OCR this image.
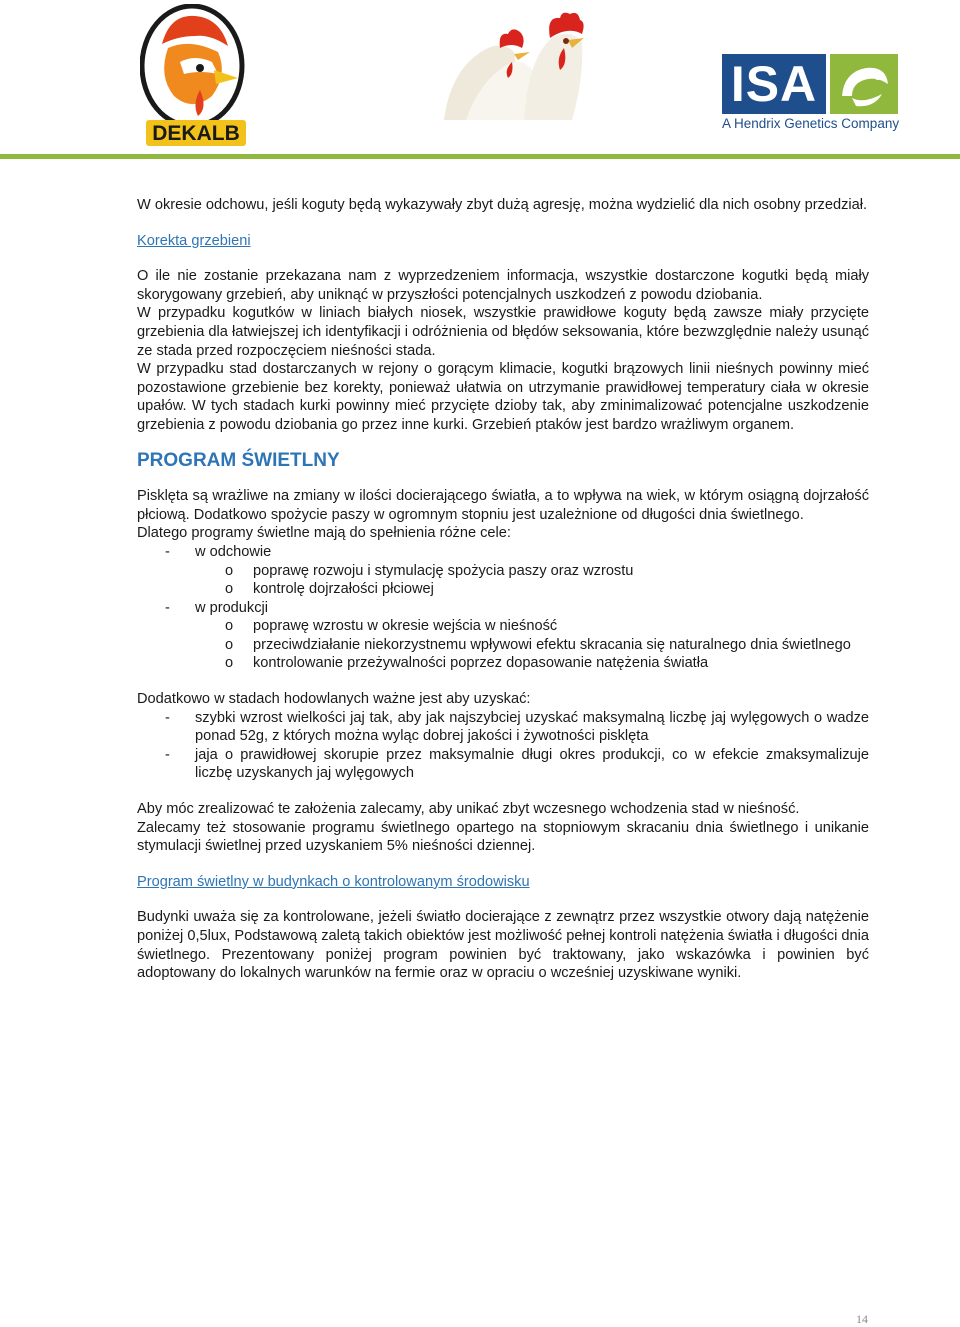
DEKALB
ISA
A Hendrix Genetics Company
W okresie odchowu, jeśli koguty będą wykazywały zbyt dużą agresję, można wydzielić dla nich osobny przedział.
Korekta grzebieni
O ile nie zostanie przekazana nam z wyprzedzeniem informacja, wszystkie dostarczone kogutki będą miały skorygowany grzebień, aby uniknąć w przyszłości potencjalnych uszkodzeń z powodu dziobania.
W przypadku kogutków w liniach białych niosek, wszystkie prawidłowe koguty będą zawsze miały przycięte grzebienia dla łatwiejszej ich identyfikacji i odróżnienia od błędów seksowania, które bezwzględnie należy usunąć ze stada przed rozpoczęciem nieśności stada.
W przypadku stad dostarczanych w rejony o gorącym klimacie, kogutki brązowych linii nieśnych powinny mieć pozostawione grzebienie bez korekty, ponieważ ułatwia on utrzymanie prawidłowej temperatury ciała w okresie upałów. W tych stadach kurki powinny mieć przycięte dzioby tak, aby zminimalizować potencjalne uszkodzenie grzebienia z powodu dziobania go przez inne kurki. Grzebień ptaków jest bardzo wrażliwym organem.
PROGRAM ŚWIETLNY
Pisklęta są wrażliwe na zmiany w ilości docierającego światła, a to wpływa na wiek, w którym osiągną dojrzałość płciową. Dodatkowo spożycie paszy w ogromnym stopniu jest uzależnione od długości dnia świetlnego.
Dlatego programy świetlne mają do spełnienia różne cele:
- w odchowie
o poprawę rozwoju i stymulację spożycia paszy oraz wzrostu
o kontrolę dojrzałości płciowej
- w produkcji
o poprawę wzrostu w okresie wejścia w nieśność
o przeciwdziałanie niekorzystnemu wpływowi efektu skracania się naturalnego dnia świetlnego
o kontrolowanie przeżywalności poprzez dopasowanie natężenia światła
Dodatkowo w stadach hodowlanych ważne jest aby uzyskać:
- szybki wzrost wielkości jaj tak, aby jak najszybciej uzyskać maksymalną liczbę jaj wylęgowych o wadze ponad 52g, z których można wyląc dobrej jakości i żywotności pisklęta
- jaja o prawidłowej skorupie przez maksymalnie długi okres produkcji, co w efekcie zmaksymalizuje liczbę uzyskanych jaj wylęgowych
Aby móc zrealizować te założenia zalecamy, aby unikać zbyt wczesnego wchodzenia stad w nieśność.
Zalecamy też stosowanie programu świetlnego opartego na stopniowym skracaniu dnia świetlnego i unikanie stymulacji świetlnej przed uzyskaniem 5% nieśności dziennej.
Program świetlny w budynkach o kontrolowanym środowisku
Budynki uważa się za kontrolowane, jeżeli światło docierające z zewnątrz przez wszystkie otwory dają natężenie poniżej 0,5lux, Podstawową zaletą takich obiektów jest możliwość pełnej kontroli natężenia światła i długości dnia świetlnego. Prezentowany poniżej program powinien być traktowany, jako wskazówka i powinien być adoptowany do lokalnych warunków na fermie oraz w opraciu o wcześniej uzyskiwane wyniki.
14
